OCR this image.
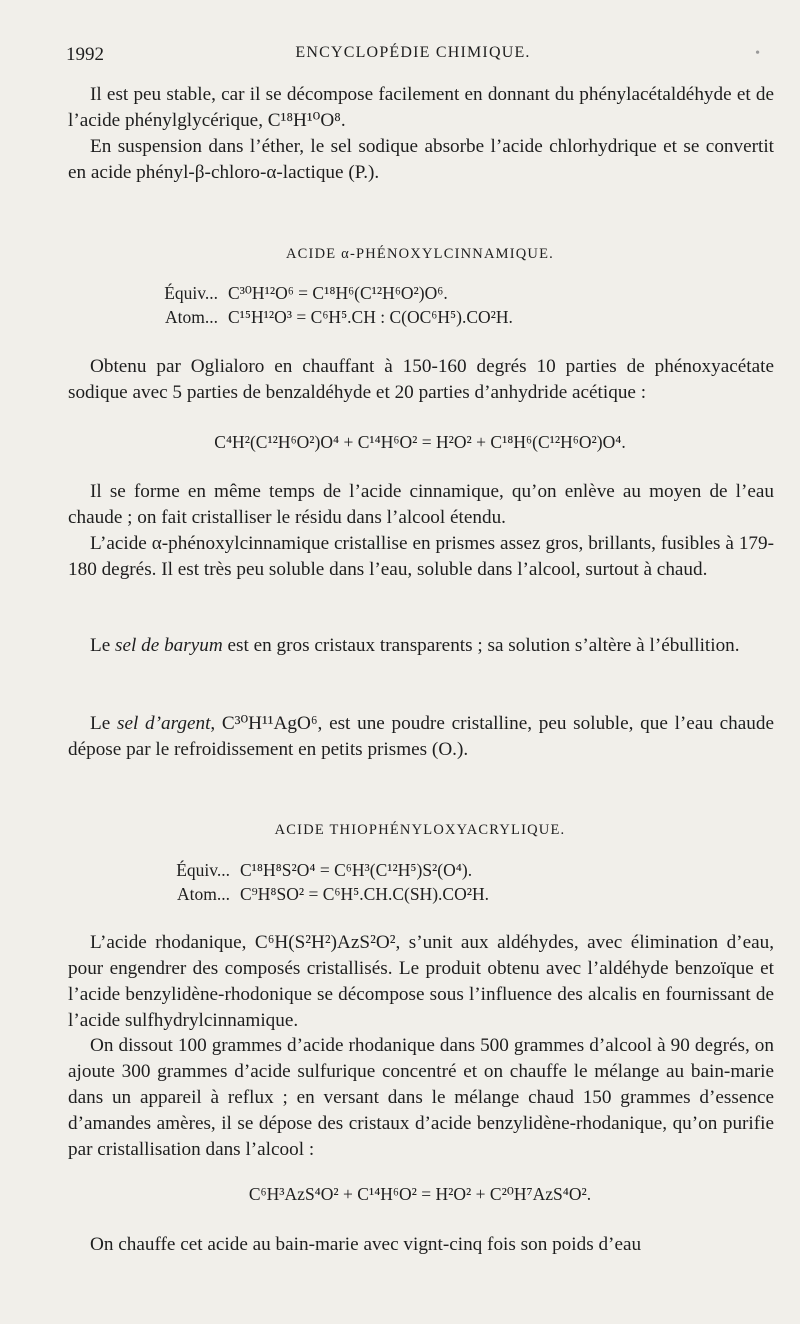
1992	ENCYCLOPÉDIE CHIMIQUE.	•

Il est peu stable, car il se décompose facilement en donnant du phénylacétaldéhyde et de l’acide phénylglycérique, C¹⁸H¹⁰O⁸.

En suspension dans l’éther, le sel sodique absorbe l’acide chlorhydrique et se convertit en acide phényl-β-chloro-α-lactique (P.).

ACIDE α-PHÉNOXYLCINNAMIQUE.
Équiv... C³⁰H¹²O⁶ = C¹⁸H⁶(C¹²H⁶O²)O⁶.
Atom... C¹⁵H¹²O³ = C⁶H⁵.CH : C(OC⁶H⁵).CO²H.

Obtenu par Oglialoro en chauffant à 150-160 degrés 10 parties de phénoxyacétate sodique avec 5 parties de benzaldéhyde et 20 parties d’anhydride acétique :

C⁴H²(C¹²H⁶O²)O⁴ + C¹⁴H⁶O² = H²O² + C¹⁸H⁶(C¹²H⁶O²)O⁴.

Il se forme en même temps de l’acide cinnamique, qu’on enlève au moyen de l’eau chaude ; on fait cristalliser le résidu dans l’alcool étendu.

L’acide α-phénoxylcinnamique cristallise en prismes assez gros, brillants, fusibles à 179-180 degrés. Il est très peu soluble dans l’eau, soluble dans l’alcool, surtout à chaud.

Le sel de baryum est en gros cristaux transparents ; sa solution s’altère à l’ébullition.

Le sel d’argent, C³⁰H¹¹AgO⁶, est une poudre cristalline, peu soluble, que l’eau chaude dépose par le refroidissement en petits prismes (O.).

ACIDE THIOPHÉNYLOXYACRYLIQUE.
Équiv... C¹⁸H⁸S²O⁴ = C⁶H³(C¹²H⁵)S²(O⁴).
Atom... C⁹H⁸SO² = C⁶H⁵.CH.C(SH).CO²H.

L’acide rhodanique, C⁶H(S²H²)AzS²O², s’unit aux aldéhydes, avec élimination d’eau, pour engendrer des composés cristallisés. Le produit obtenu avec l’aldéhyde benzoïque et l’acide benzylidène-rhodonique se décompose sous l’influence des alcalis en fournissant de l’acide sulfhydrylcinnamique.

On dissout 100 grammes d’acide rhodanique dans 500 grammes d’alcool à 90 degrés, on ajoute 300 grammes d’acide sulfurique concentré et on chauffe le mélange au bain-marie dans un appareil à reflux ; en versant dans le mélange chaud 150 grammes d’essence d’amandes amères, il se dépose des cristaux d’acide benzylidène-rhodanique, qu’on purifie par cristallisation dans l’alcool :

C⁶H³AzS⁴O² + C¹⁴H⁶O² = H²O² + C²⁰H⁷AzS⁴O².

On chauffe cet acide au bain-marie avec vignt-cinq fois son poids d’eau
